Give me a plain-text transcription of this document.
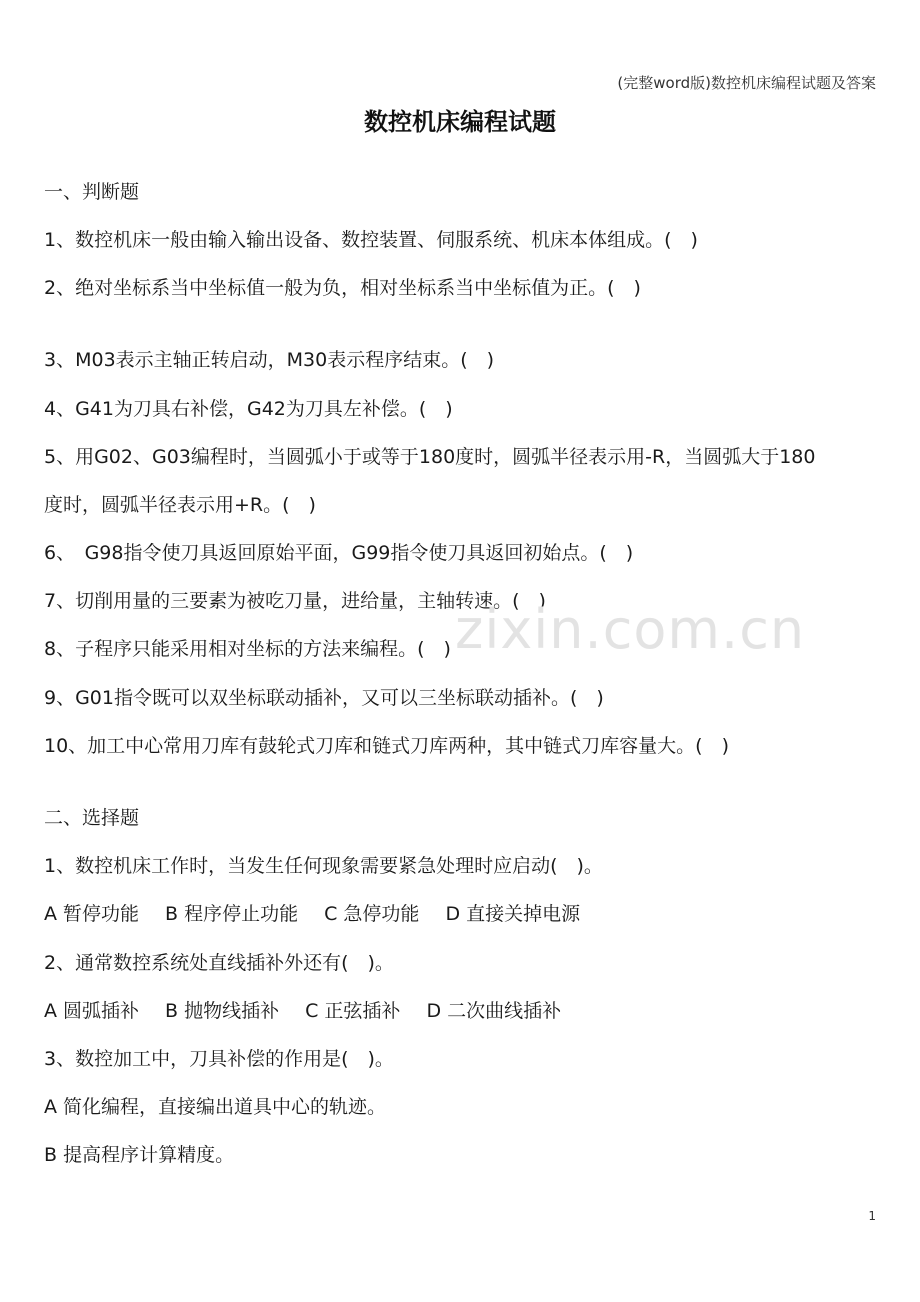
(完整word版)数控机床编程试题及答案
数控机床编程试题
一、判断题
1、数控机床一般由输入输出设备、数控装置、伺服系统、机床本体组成。(　)
2、绝对坐标系当中坐标值一般为负，相对坐标系当中坐标值为正。(　)
3、M03表示主轴正转启动，M30表示程序结束。(　)
4、G41为刀具右补偿，G42为刀具左补偿。(　)
5、用G02、G03编程时，当圆弧小于或等于180度时，圆弧半径表示用-R，当圆弧大于180
度时，圆弧半径表示用+R。(　)
6、　G98指令使刀具返回原始平面，G99指令使刀具返回初始点。(　)
7、切削用量的三要素为被吃刀量，进给量，主轴转速。(　)
8、子程序只能采用相对坐标的方法来编程。(　)
9、G01指令既可以双坐标联动插补，又可以三坐标联动插补。(　)
10、加工中心常用刀库有鼓轮式刀库和链式刀库两种，其中链式刀库容量大。(　)
二、选择题
1、数控机床工作时，当发生任何现象需要紧急处理时应启动(　)。
A 暂停功能 B 程序停止功能 C 急停功能 D 直接关掉电源
2、通常数控系统处直线插补外还有(　)。
A 圆弧插补 B 抛物线插补 C 正弦插补 D 二次曲线插补
3、数控加工中，刀具补偿的作用是(　)。
A 简化编程，直接编出道具中心的轨迹。
B 提高程序计算精度。
zixin.com.cn
1
